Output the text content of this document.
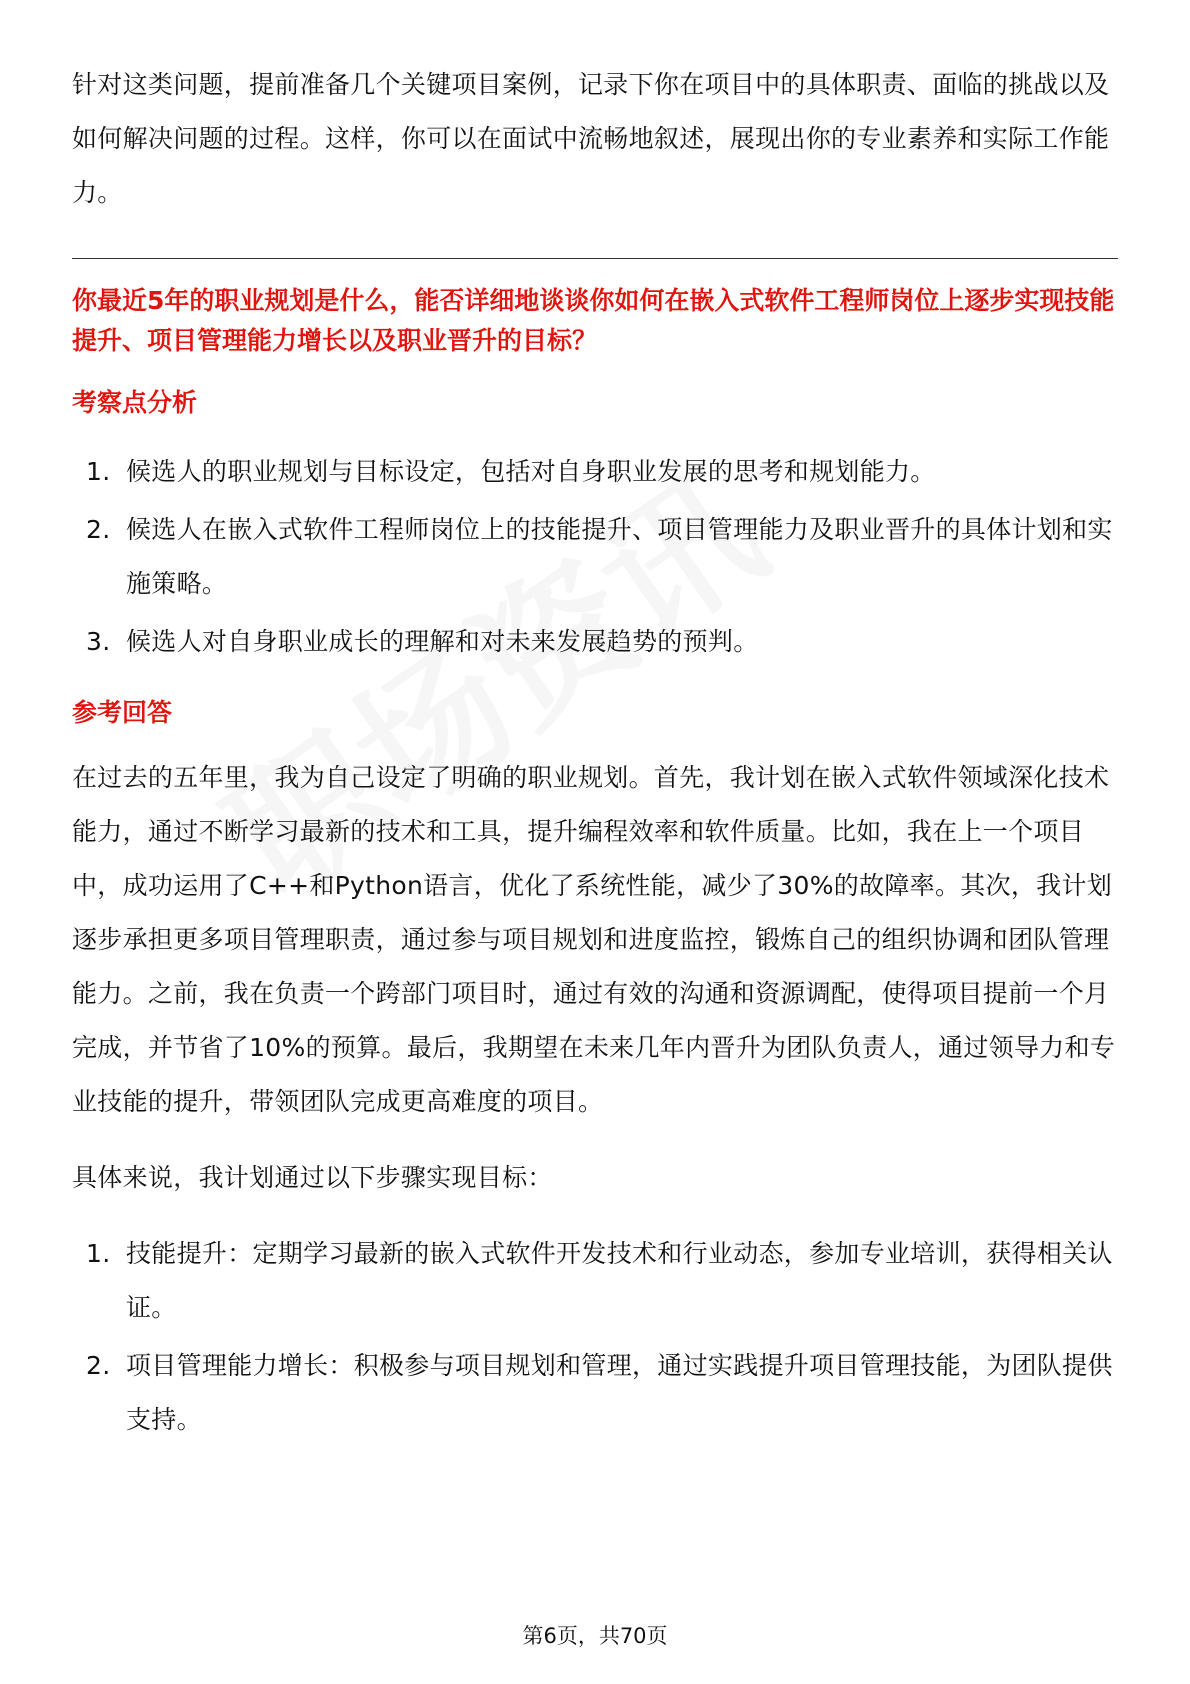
针对这类问题，提前准备几个关键项目案例，记录下你在项目中的具体职责、面临的挑战以及如何解决问题的过程。这样，你可以在面试中流畅地叙述，展现出你的专业素养和实际工作能力。

你最近5年的职业规划是什么，能否详细地谈谈你如何在嵌入式软件工程师岗位上逐步实现技能提升、项目管理能力增长以及职业晋升的目标？

考察点分析

1. 候选人的职业规划与目标设定，包括对自身职业发展的思考和规划能力。
2. 候选人在嵌入式软件工程师岗位上的技能提升、项目管理能力及职业晋升的具体计划和实施策略。
3. 候选人对自身职业成长的理解和对未来发展趋势的预判。

参考回答

在过去的五年里，我为自己设定了明确的职业规划。首先，我计划在嵌入式软件领域深化技术能力，通过不断学习最新的技术和工具，提升编程效率和软件质量。比如，我在上一个项目中，成功运用了C++和Python语言，优化了系统性能，减少了30%的故障率。其次，我计划逐步承担更多项目管理职责，通过参与项目规划和进度监控，锻炼自己的组织协调和团队管理能力。之前，我在负责一个跨部门项目时，通过有效的沟通和资源调配，使得项目提前一个月完成，并节省了10%的预算。最后，我期望在未来几年内晋升为团队负责人，通过领导力和专业技能的提升，带领团队完成更高难度的项目。

具体来说，我计划通过以下步骤实现目标：

1. 技能提升：定期学习最新的嵌入式软件开发技术和行业动态，参加专业培训，获得相关认证。
2. 项目管理能力增长：积极参与项目规划和管理，通过实践提升项目管理技能，为团队提供支持。
第6页，共70页
